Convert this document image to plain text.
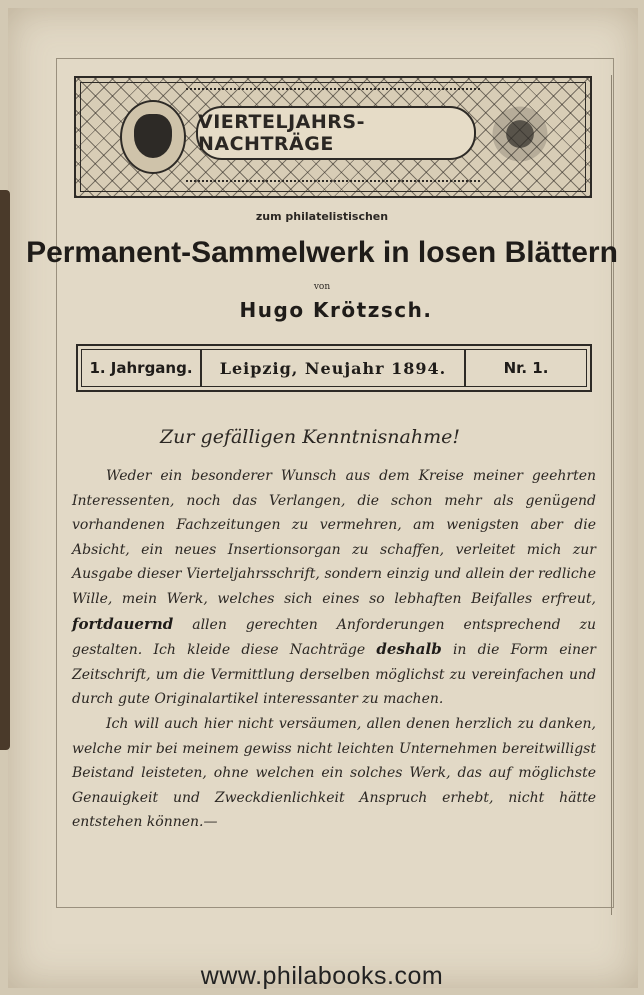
VIERTELJAHRS-NACHTRÄGE
zum philatelistischen
Permanent-Sammelwerk in losen Blättern
von
Hugo Krötzsch.
1. Jahrgang.	Leipzig, Neujahr 1894.	Nr. 1.
Zur gefälligen Kenntnisnahme!

Weder ein besonderer Wunsch aus dem Kreise meiner geehrten Interessenten, noch das Verlangen, die schon mehr als genügend vorhandenen Fachzeitungen zu vermehren, am wenigsten aber die Absicht, ein neues Insertionsorgan zu schaffen, verleitet mich zur Ausgabe dieser Vierteljahrsschrift, sondern einzig und allein der redliche Wille, mein Werk, welches sich eines so lebhaften Beifalles erfreut, fortdauernd allen gerechten Anforderungen entsprechend zu gestalten. Ich kleide diese Nachträge deshalb in die Form einer Zeitschrift, um die Vermittlung derselben möglichst zu vereinfachen und durch gute Originalartikel interessanter zu machen.

Ich will auch hier nicht versäumen, allen denen herzlich zu danken, welche mir bei meinem gewiss nicht leichten Unternehmen bereitwilligst Beistand leisteten, ohne welchen ein solches Werk, das auf möglichste Genauigkeit und Zweckdienlichkeit Anspruch erhebt, nicht hätte entstehen können.—

www.philabooks.com
